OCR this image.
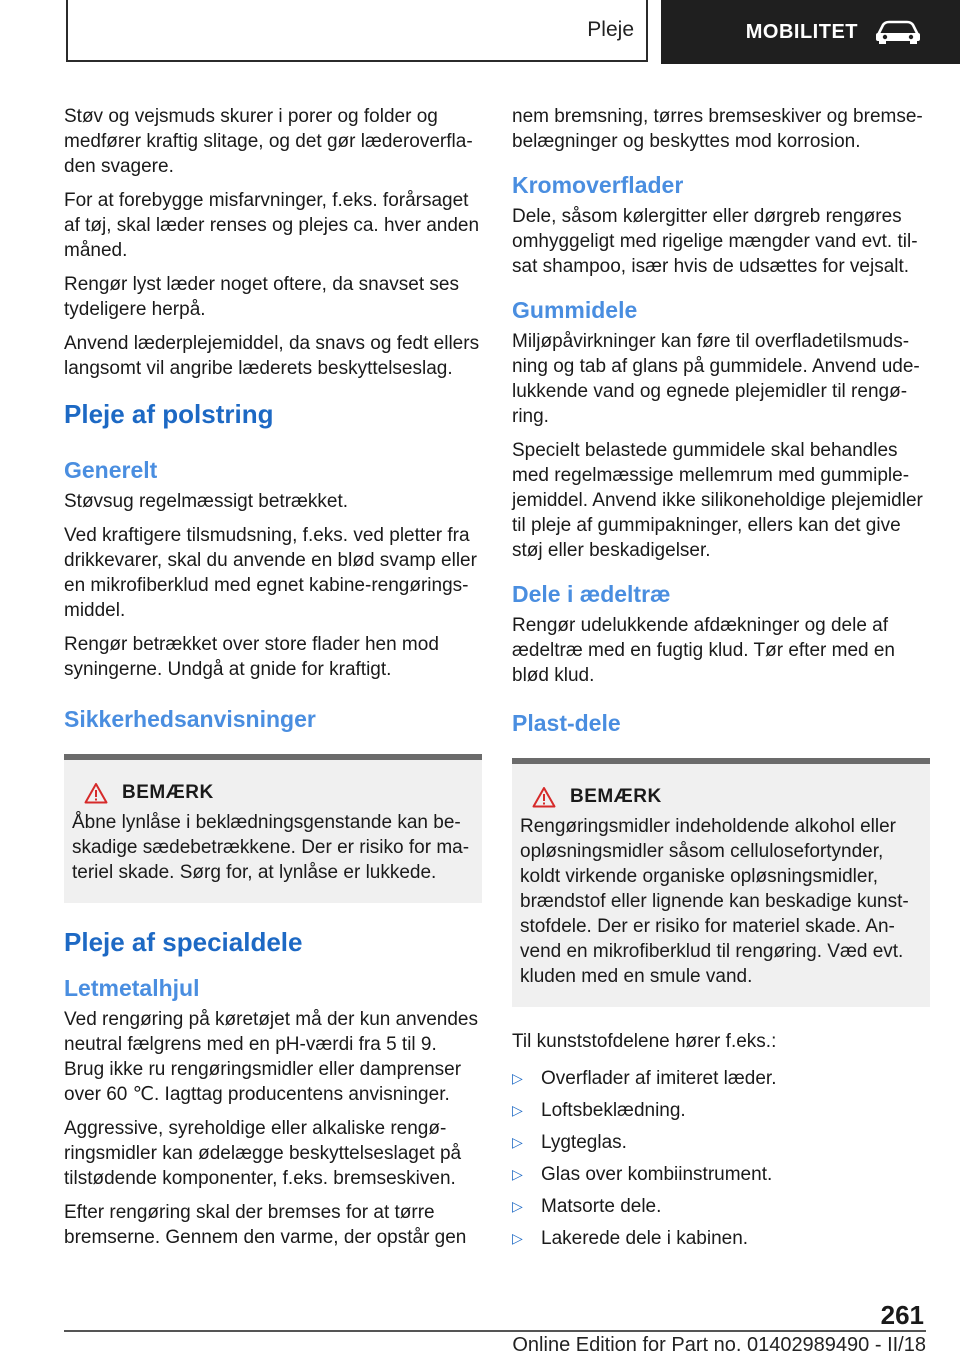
Pleje	MOBILITET

Støv og vejsmuds skurer i porer og folder og medfører kraftig slitage, og det gør læderoverfladen svagere.

For at forebygge misfarvninger, f.eks. forårsaget af tøj, skal læder renses og plejes ca. hver anden måned.

Rengør lyst læder noget oftere, da snavset ses tydeligere herpå.

Anvend læderplejemiddel, da snavs og fedt ellers langsomt vil angribe læderets beskyttelseslag.

Pleje af polstring
Generelt

Støvsug regelmæssigt betrækket.

Ved kraftigere tilsmudsning, f.eks. ved pletter fra drikkevarer, skal du anvende en blød svamp eller en mikrofiberklud med egnet kabine-rengøringsmiddel.

Rengør betrækket over store flader hen mod syningerne. Undgå at gnide for kraftigt.

Sikkerhedsanvisninger
BEMÆRK

Åbne lynlåse i beklædningsgenstande kan beskadige sædebetrækkene. Der er risiko for materiel skade. Sørg for, at lynlåse er lukkede.

Pleje af specialdele
Letmetalhjul

Ved rengøring på køretøjet må der kun anvendes neutral fælgrens med en pH-værdi fra 5 til 9. Brug ikke ru rengøringsmidler eller damprenser over 60 ℃. Iagttag producentens anvisninger.

Aggressive, syreholdige eller alkaliske rengøringsmidler kan ødelægge beskyttelseslaget på tilstødende komponenter, f.eks. bremseskiven.

Efter rengøring skal der bremses for at tørre bremserne. Gennem den varme, der opstår gen

nem bremsning, tørres bremseskiver og bremsebelægninger og beskyttes mod korrosion.

Kromoverflader

Dele, såsom kølergitter eller dørgreb rengøres omhyggeligt med rigelige mængder vand evt. tilsat shampoo, især hvis de udsættes for vejsalt.

Gummidele

Miljøpåvirkninger kan føre til overfladetilsmudsning og tab af glans på gummidele. Anvend udelukkende vand og egnede plejemidler til rengøring.

Specielt belastede gummidele skal behandles med regelmæssige mellemrum med gummiplejemiddel. Anvend ikke silikoneholdige plejemidler til pleje af gummipakninger, ellers kan det give støj eller beskadigelser.

Dele i ædeltræ

Rengør udelukkende afdækninger og dele af ædeltræ med en fugtig klud. Tør efter med en blød klud.

Plast-dele
BEMÆRK

Rengøringsmidler indeholdende alkohol eller opløsningsmidler såsom cellulosefortynder, koldt virkende organiske opløsningsmidler, brændstof eller lignende kan beskadige kunststofdele. Der er risiko for materiel skade. Anvend en mikrofiberklud til rengøring. Væd evt. kluden med en smule vand.

Til kunststofdelene hører f.eks.:

▷ Overflader af imiteret læder.
▷ Loftsbeklædning.
▷ Lygteglas.
▷ Glas over kombiinstrument.
▷ Matsorte dele.
▷ Lakerede dele i kabinen.
261
Online Edition for Part no. 01402989490 - II/18
